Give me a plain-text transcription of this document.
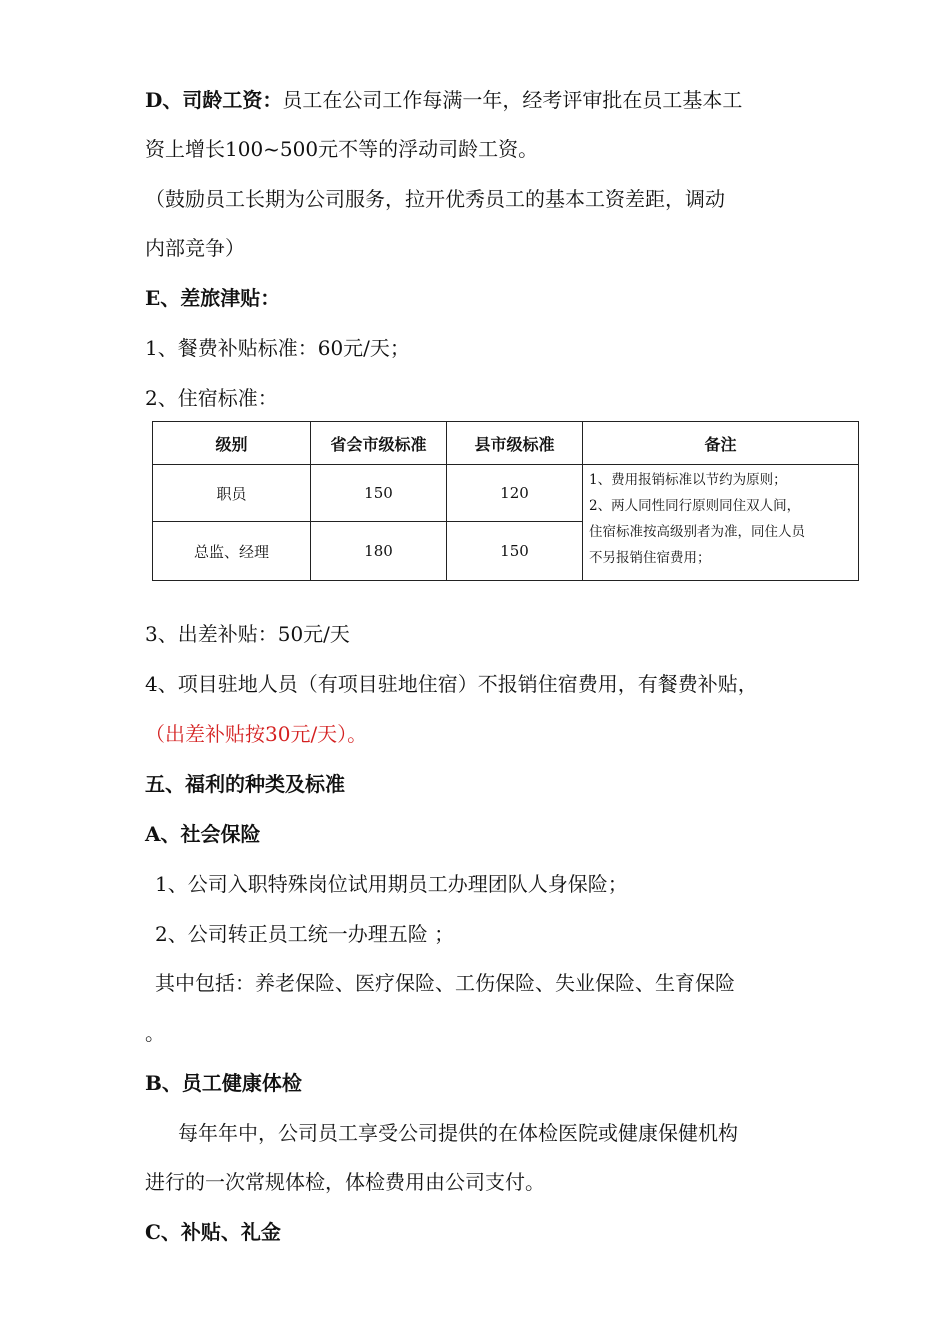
D、司龄工资：员工在公司工作每满一年，经考评审批在员工基本工
资上增长100~500元不等的浮动司龄工资。
（鼓励员工长期为公司服务，拉开优秀员工的基本工资差距，调动
内部竞争）
E、差旅津贴：
1、餐费补贴标准：60元/天；
2、住宿标准：
级别	省会市级标准	县市级标准	备注
职员	150	120	1、费用报销标准以节约为原则；
2、两人同性同行原则同住双人间，
住宿标准按高级别者为准，同住人员
不另报销住宿费用；

总监、经理	180	150	
3、出差补贴：50元/天
4、项目驻地人员（有项目驻地住宿）不报销住宿费用，有餐费补贴，
（出差补贴按30元/天）。
五、福利的种类及标准
A、社会保险
1、公司入职特殊岗位试用期员工办理团队人身保险；
2、公司转正员工统一办理五险 ；
其中包括：养老保险、医疗保险、工伤保险、失业保险、生育保险
。
B、员工健康体检
每年年中，公司员工享受公司提供的在体检医院或健康保健机构
进行的一次常规体检，体检费用由公司支付。
C、补贴、礼金
